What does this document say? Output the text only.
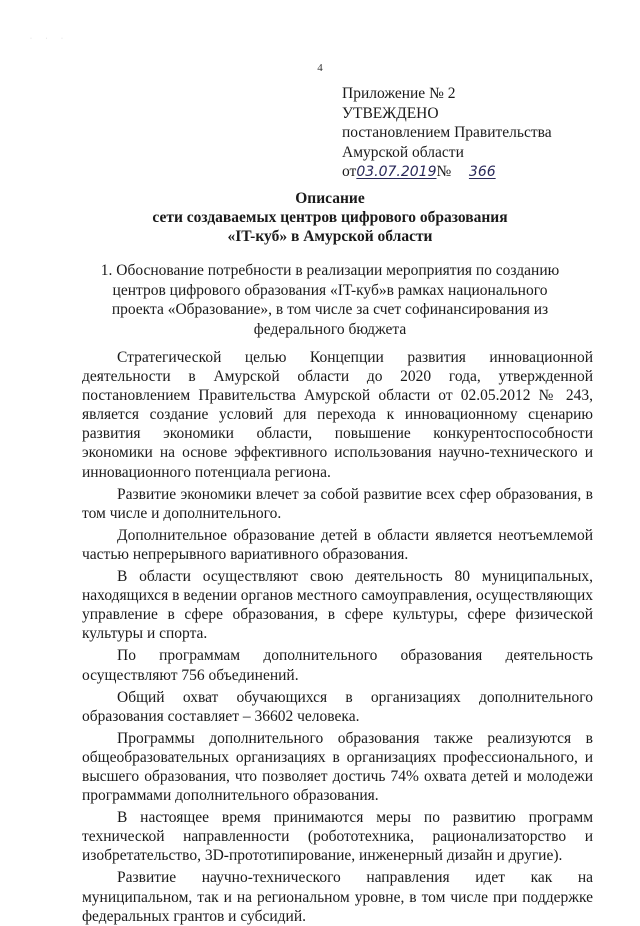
· · ·
4
Приложение № 2
УТВЕЖДЕНО
постановлением Правительства
Амурской области
от03.07.2019№ 366
Описание
сети создаваемых центров цифрового образования
«IT-куб» в Амурской области
1. Обоснование потребности в реализации мероприятия по созданию центров цифрового образования «IT-куб»в рамках национального проекта «Образование», в том числе за счет софинансирования из федерального бюджета

Стратегической целью Концепции развития инновационной деятельности в Амурской области до 2020 года, утвержденной постановлением Правительства Амурской области от 02.05.2012 № 243, является создание условий для перехода к инновационному сценарию развития экономики области, повышение конкурентоспособности экономики на основе эффективного использования научно-технического и инновационного потенциала региона.

Развитие экономики влечет за собой развитие всех сфер образования, в том числе и дополнительного.

Дополнительное образование детей в области является неотъемлемой частью непрерывного вариативного образования.

В области осуществляют свою деятельность 80 муниципальных, находящихся в ведении органов местного самоуправления, осуществляющих управление в сфере образования, в сфере культуры, сфере физической культуры и спорта.

По программам дополнительного образования деятельность осуществляют 756 объединений.

Общий охват обучающихся в организациях дополнительного образования составляет – 36602 человека.

Программы дополнительного образования также реализуются в общеобразовательных организациях в организациях профессионального, и высшего образования, что позволяет достичь 74% охвата детей и молодежи программами дополнительного образования.

В настоящее время принимаются меры по развитию программ технической направленности (робототехника, рационализаторство и изобретательство, 3D-прототипирование, инженерный дизайн и другие).

Развитие научно-технического направления идет как на муниципальном, так и на региональном уровне, в том числе при поддержке федеральных грантов и субсидий.
